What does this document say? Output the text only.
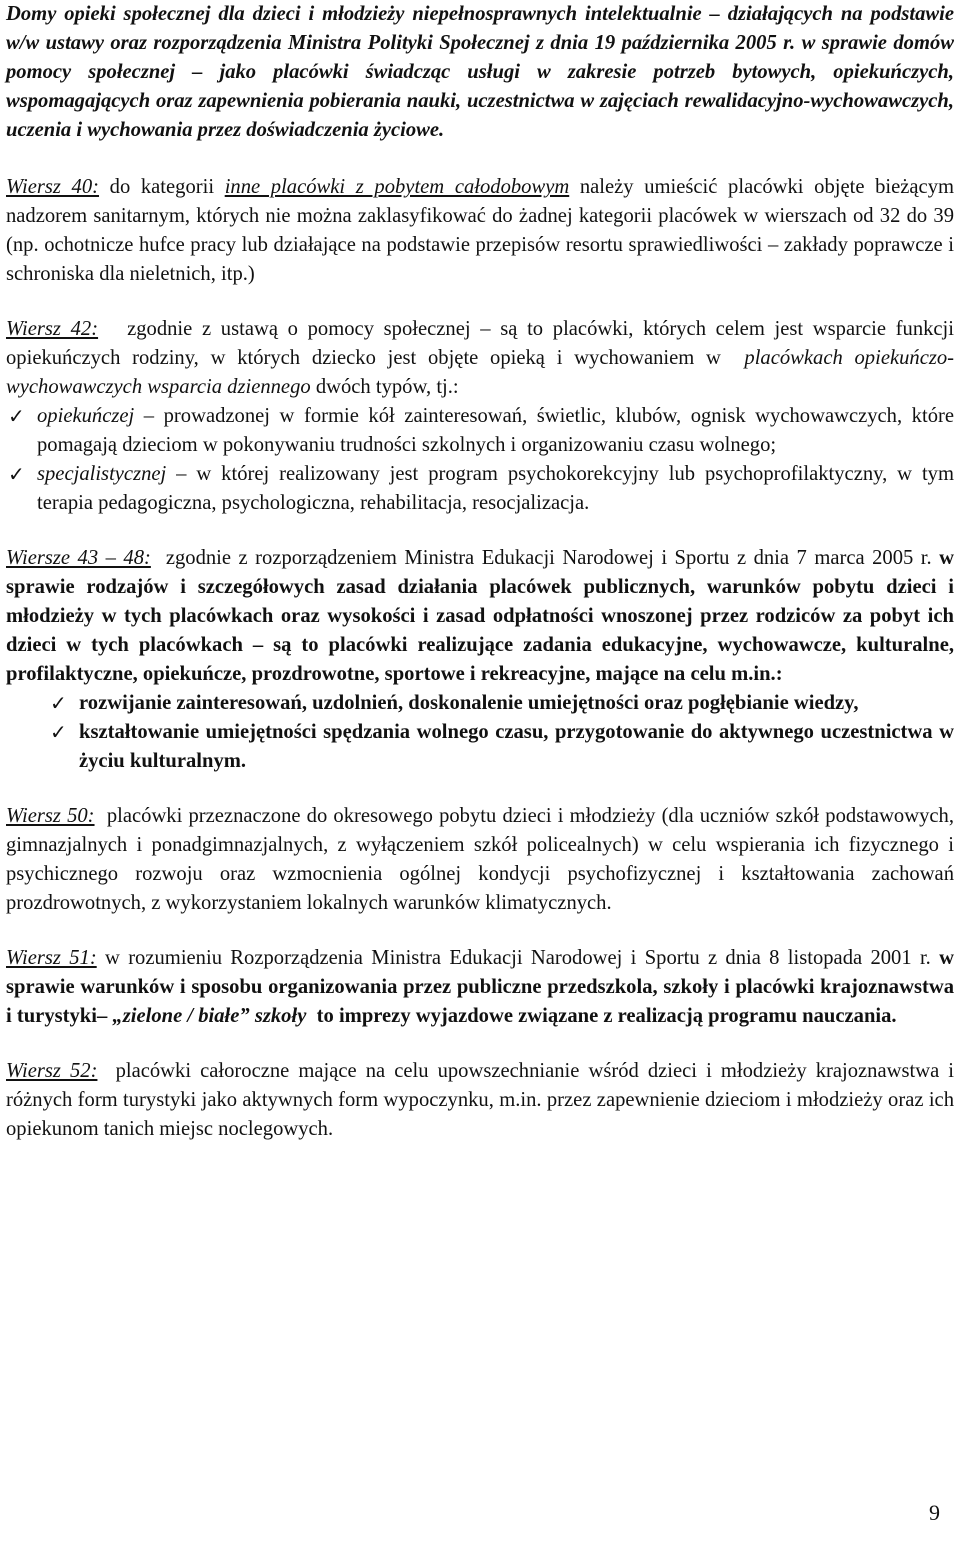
Domy opieki społecznej dla dzieci i młodzieży niepełnosprawnych intelektualnie – działających na podstawie w/w ustawy oraz rozporządzenia Ministra Polityki Społecznej z dnia 19 października 2005 r. w sprawie domów pomocy społecznej – jako placówki świadcząc usługi w zakresie potrzeb bytowych, opiekuńczych, wspomagających oraz zapewnienia pobierania nauki, uczestnictwa w zajęciach rewalidacyjno-wychowawczych, uczenia i wychowania przez doświadczenia życiowe.

Wiersz 40: do kategorii inne placówki z pobytem całodobowym należy umieścić placówki objęte bieżącym nadzorem sanitarnym, których nie można zaklasyfikować do żadnej kategorii placówek w wierszach od 32 do 39 (np. ochotnicze hufce pracy lub działające na podstawie przepisów resortu sprawiedliwości – zakłady poprawcze i schroniska dla nieletnich, itp.)

Wiersz 42:   zgodnie z ustawą o pomocy społecznej – są to placówki, których celem jest wsparcie funkcji opiekuńczych rodziny, w których dziecko jest objęte opieką i wychowaniem w  placówkach opiekuńczo-wychowawczych wsparcia dziennego dwóch typów, tj.:

✓ opiekuńczej – prowadzonej w formie kół zainteresowań, świetlic, klubów, ognisk wychowawczych, które pomagają dzieciom w pokonywaniu trudności szkolnych i organizowaniu czasu wolnego;
✓ specjalistycznej – w której realizowany jest program psychokorekcyjny lub psychoprofilaktyczny, w tym terapia pedagogiczna, psychologiczna, rehabilitacja, resocjalizacja.

Wiersze 43 – 48:  zgodnie z rozporządzeniem Ministra Edukacji Narodowej i Sportu z dnia 7 marca 2005 r. w sprawie rodzajów i szczegółowych zasad działania placówek publicznych, warunków pobytu dzieci i młodzieży w tych placówkach oraz wysokości i zasad odpłatności wnoszonej przez rodziców za pobyt ich dzieci w tych placówkach – są to placówki realizujące zadania edukacyjne, wychowawcze, kulturalne, profilaktyczne, opiekuńcze, prozdrowotne, sportowe i rekreacyjne, mające na celu m.in.:

✓ rozwijanie zainteresowań, uzdolnień, doskonalenie umiejętności oraz pogłębianie wiedzy,
✓ kształtowanie umiejętności spędzania wolnego czasu, przygotowanie do aktywnego uczestnictwa w życiu kulturalnym.

Wiersz 50:  placówki przeznaczone do okresowego pobytu dzieci i młodzieży (dla uczniów szkół podstawowych, gimnazjalnych i ponadgimnazjalnych, z wyłączeniem szkół policealnych) w celu wspierania ich fizycznego i psychicznego rozwoju oraz wzmocnienia ogólnej kondycji psychofizycznej i kształtowania zachowań prozdrowotnych, z wykorzystaniem lokalnych warunków klimatycznych.

Wiersz 51: w rozumieniu Rozporządzenia Ministra Edukacji Narodowej i Sportu z dnia 8 listopada 2001 r. w sprawie warunków i sposobu organizowania przez publiczne przedszkola, szkoły i placówki krajoznawstwa i turystyki– „zielone / białe” szkoły  to imprezy wyjazdowe związane z realizacją programu nauczania.

Wiersz 52:  placówki całoroczne mające na celu upowszechnianie wśród dzieci i młodzieży krajoznawstwa i różnych form turystyki jako aktywnych form wypoczynku, m.in. przez zapewnienie dzieciom i młodzieży oraz ich opiekunom tanich miejsc noclegowych.

9
